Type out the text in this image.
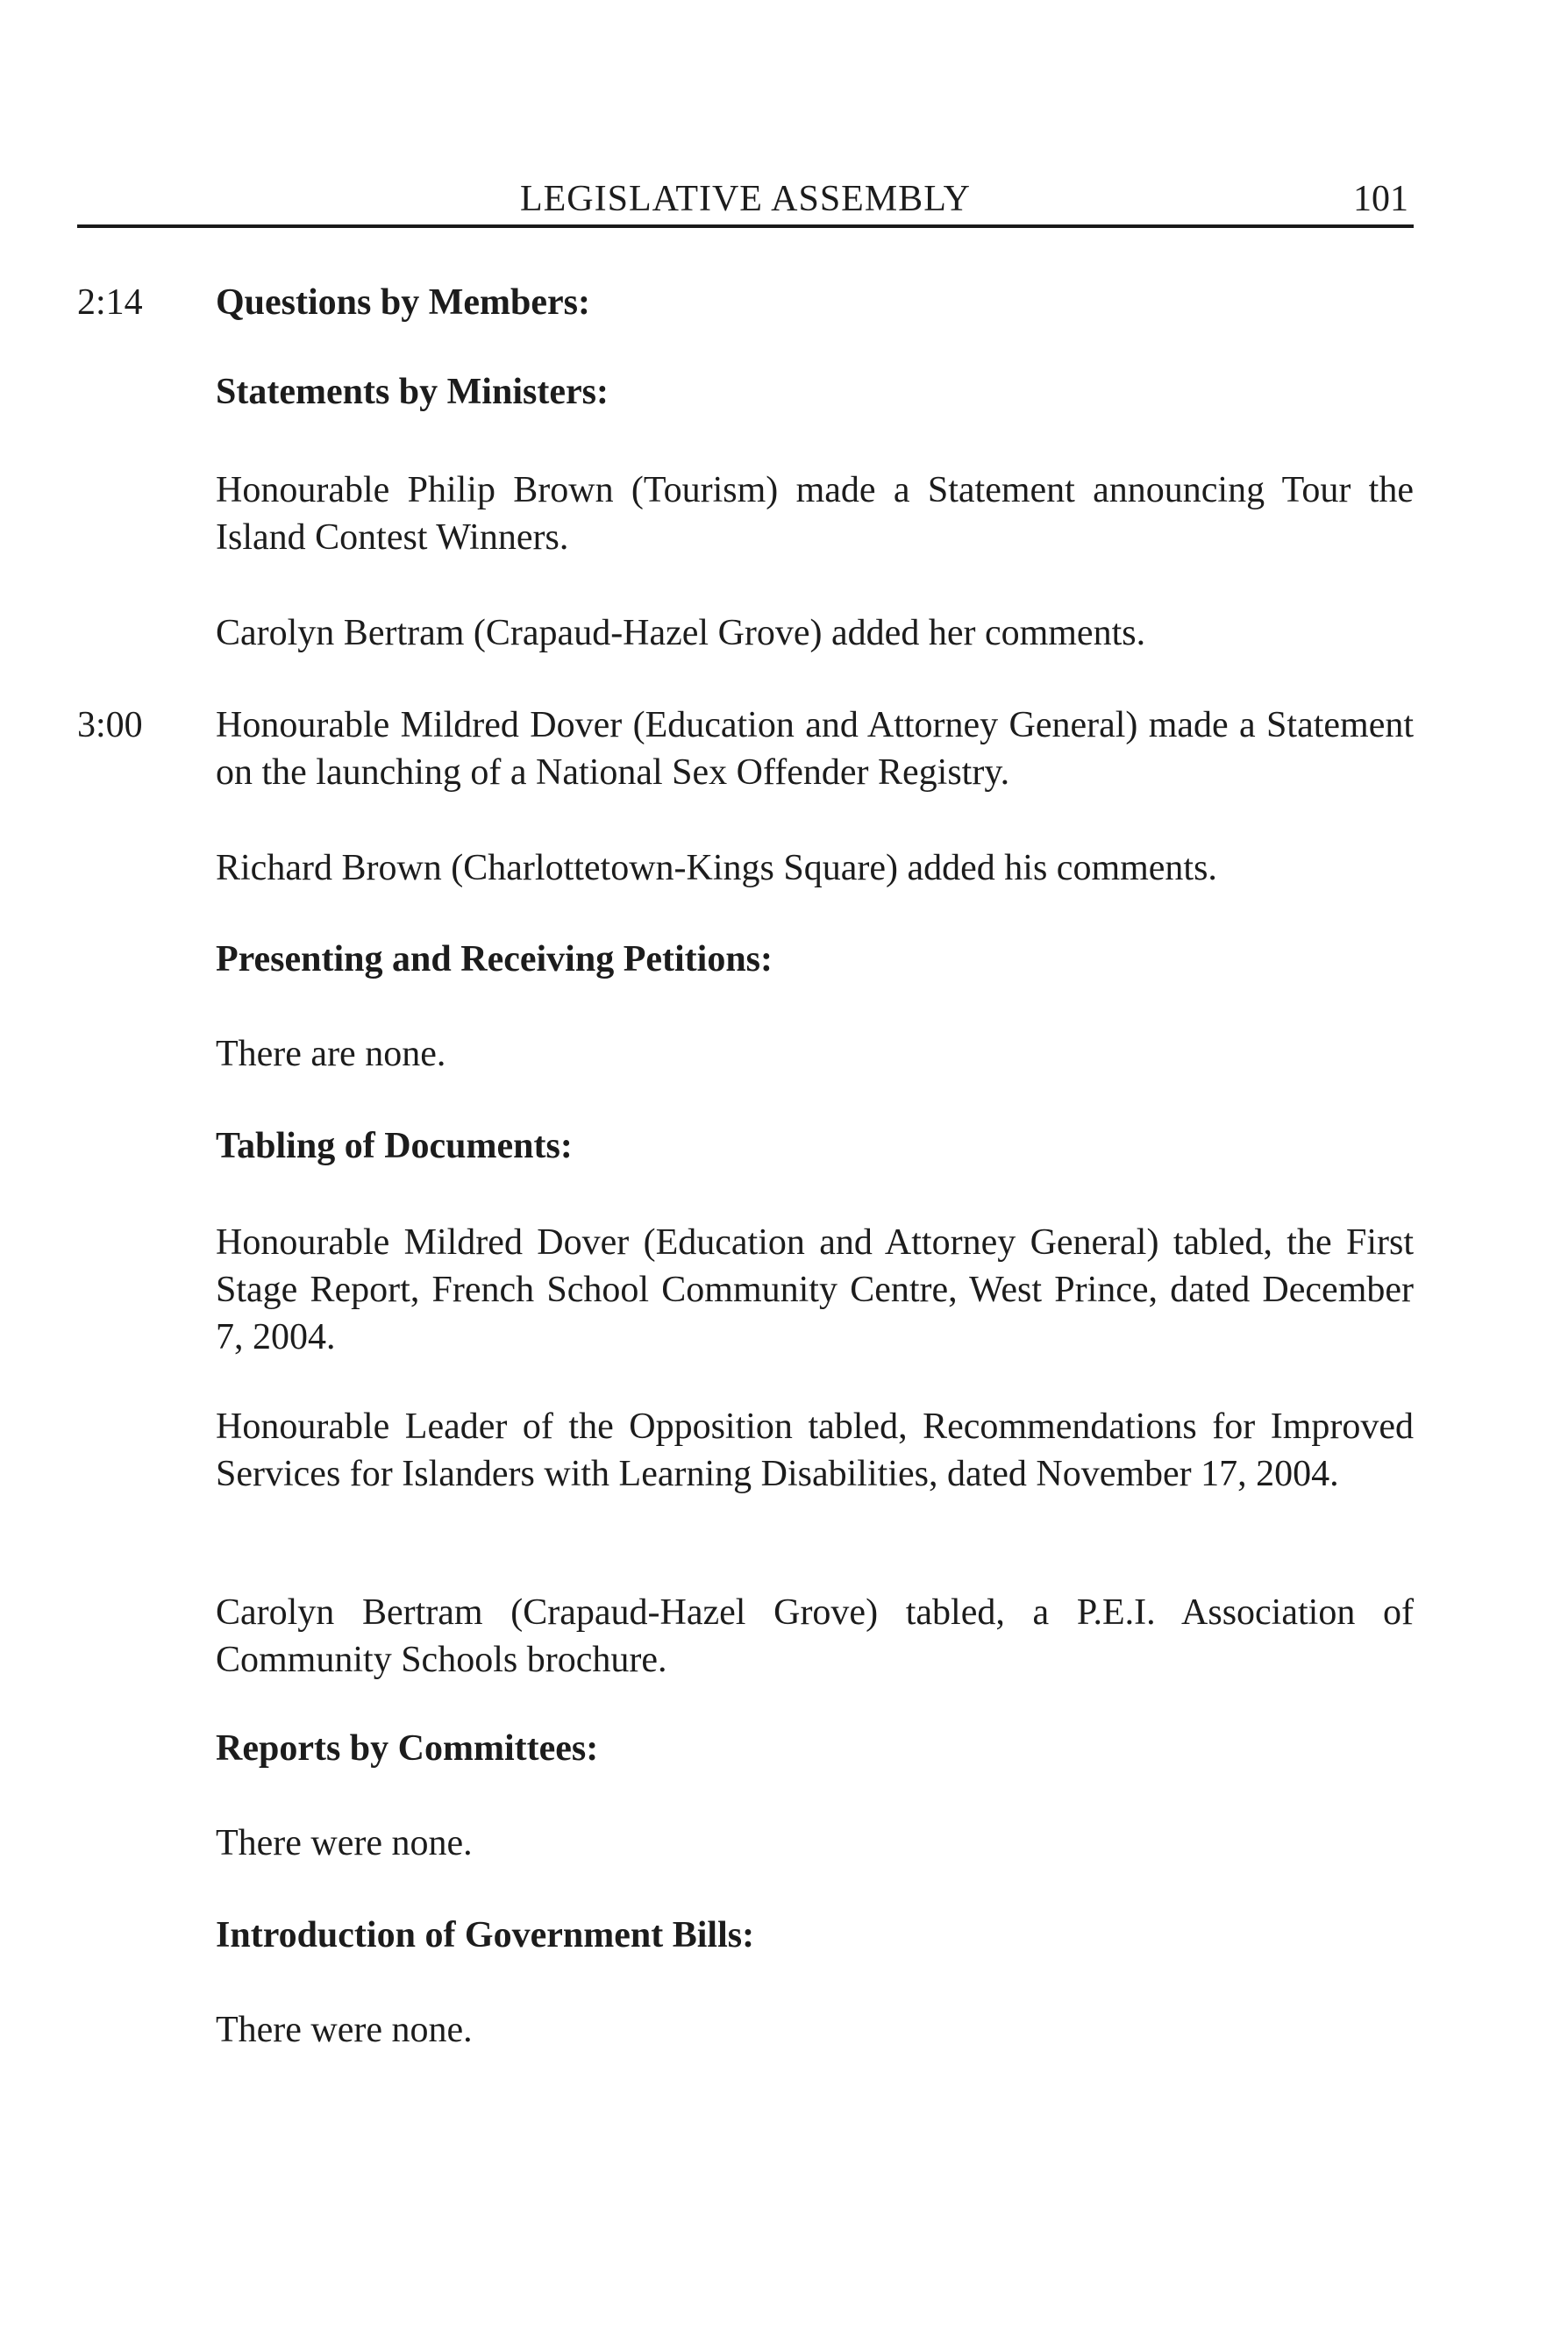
LEGISLATIVE ASSEMBLY	101
2:14 Questions by Members:
Statements by Ministers:
Honourable Philip Brown (Tourism) made a Statement announcing Tour the Island Contest Winners.
Carolyn Bertram (Crapaud-Hazel Grove) added her comments.
3:00 Honourable Mildred Dover (Education and Attorney General) made a Statement on the launching of a National Sex Offender Registry.
Richard Brown (Charlottetown-Kings Square) added his comments.
Presenting and Receiving Petitions:
There are none.
Tabling of Documents:
Honourable Mildred Dover (Education and Attorney General) tabled, the First Stage Report, French School Community Centre, West Prince, dated December 7, 2004.
Honourable Leader of the Opposition tabled, Recommendations for Improved Services for Islanders with Learning Disabilities, dated November 17, 2004.
Carolyn Bertram (Crapaud-Hazel Grove) tabled, a P.E.I. Association of Community Schools brochure.
Reports by Committees:
There were none.
Introduction of Government Bills:
There were none.
